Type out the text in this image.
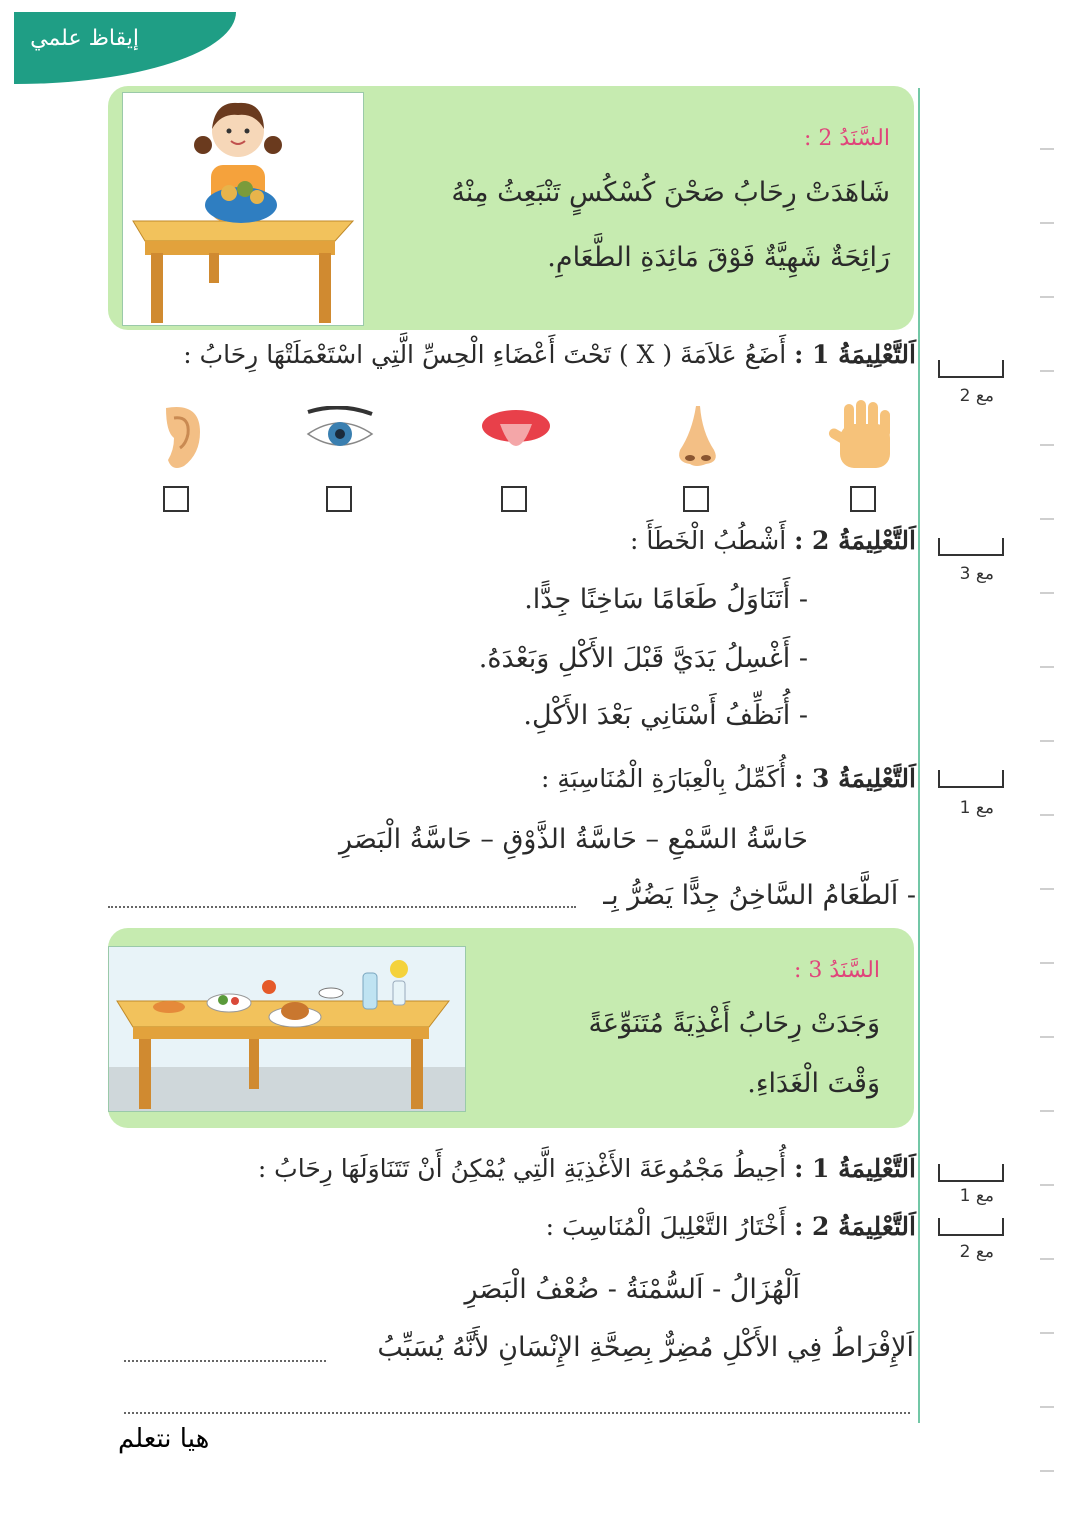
إيقاظ علمي
السَّنَدُ 2 :
شَاهَدَتْ رِحَابُ صَحْنَ كُسْكُسٍ تَنْبَعِثُ مِنْهُ
رَائِحَةٌ شَهِيَّةٌ فَوْقَ مَائِدَةِ الطَّعَامِ.
مع 2
اَلتَّعْلِيمَةُ 1 : أَضَعُ عَلاَمَةَ ( X ) تَحْتَ أَعْضَاءِ الْحِسِّ الَّتِي اسْتَعْمَلَتْهَا رِحَابُ :
مع 3
اَلتَّعْلِيمَةُ 2 : أَشْطُبُ الْخَطَأَ :
- أَتَنَاوَلُ طَعَامًا سَاخِنًا جِدًّا.
- أَغْسِلُ يَدَيَّ قَبْلَ الأَكْلِ وَبَعْدَهُ.
- أُنَظِّفُ أَسْنَانِي بَعْدَ الأَكْلِ.
مع 1
اَلتَّعْلِيمَةُ 3 : أُكَمِّلُ بِالْعِبَارَةِ الْمُنَاسِبَةِ :
حَاسَّةُ السَّمْعِ – حَاسَّةُ الذَّوْقِ – حَاسَّةُ الْبَصَرِ
- اَلطَّعَامُ السَّاخِنُ جِدًّا يَضُرُّ بِـ
السَّنَدُ 3 :
وَجَدَتْ رِحَابُ أَغْذِيَةً مُتَنَوِّعَةً
وَقْتَ الْغَدَاءِ.
مع 1
اَلتَّعْلِيمَةُ 1 : أُحِيطُ مَجْمُوعَةَ الأَغْذِيَةِ الَّتِي يُمْكِنُ أَنْ تَتَنَاوَلَهَا رِحَابُ :
مع 2
اَلتَّعْلِيمَةُ 2 : أَخْتَارُ التَّعْلِيلَ الْمُنَاسِبَ :
اَلْهُزَالُ - اَلسُّمْنَةُ - ضُعْفُ الْبَصَرِ
اَلإِفْرَاطُ فِي الأَكْلِ مُضِرٌّ بِصِحَّةِ الإِنْسَانِ لأَنَّهُ يُسَبِّبُ
هيا نتعلم
